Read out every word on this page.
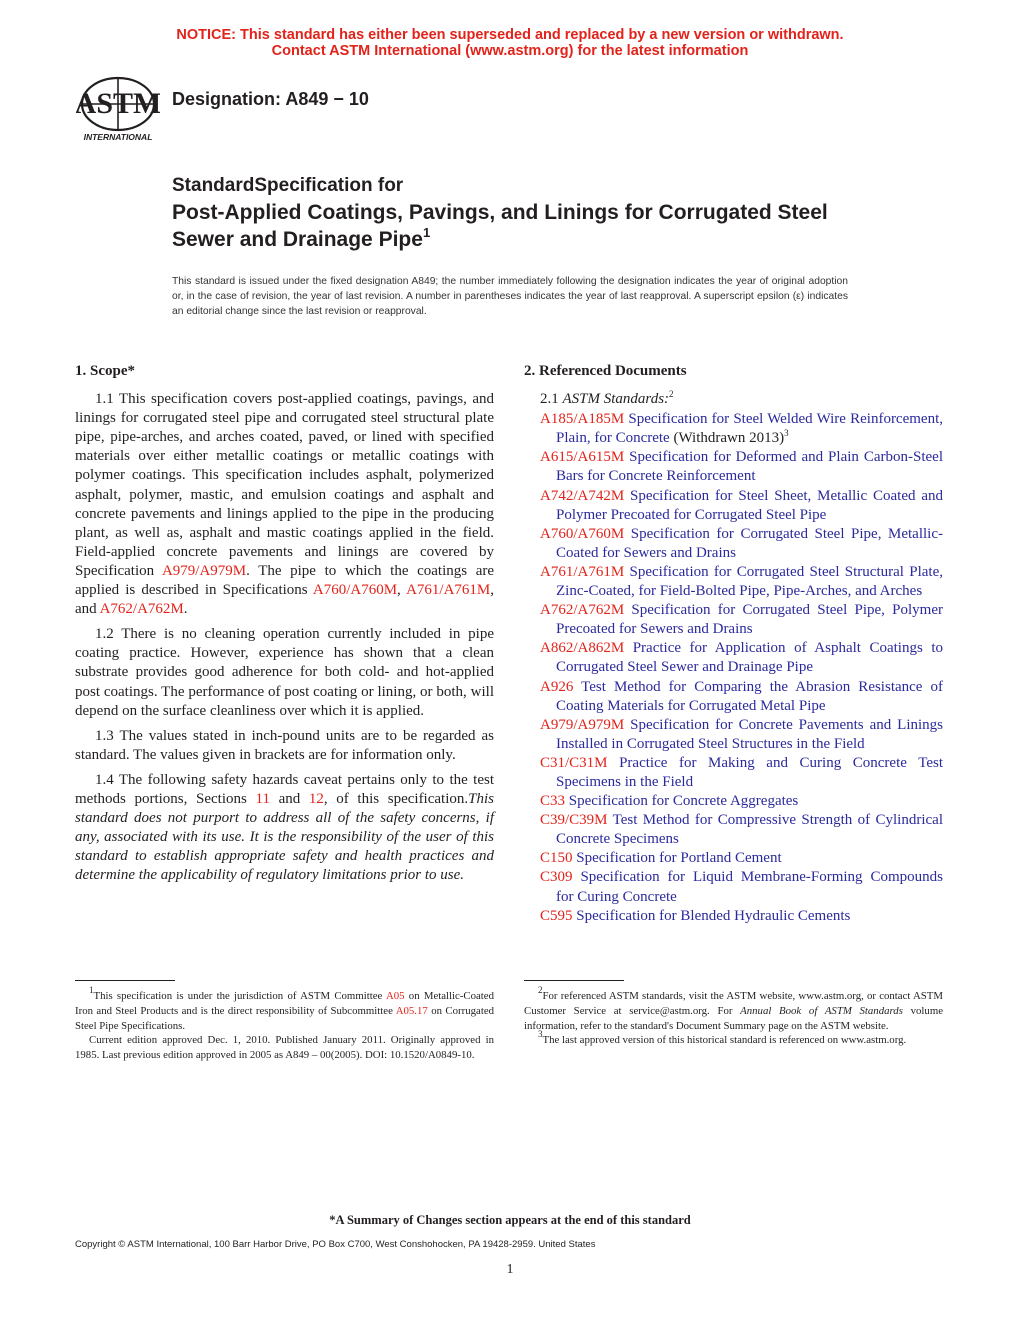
NOTICE: This standard has either been superseded and replaced by a new version or withdrawn.
Contact ASTM International (www.astm.org) for the latest information
ASTM
INTERNATIONAL
Designation: A849 − 10
StandardSpecification for
Post-Applied Coatings, Pavings, and Linings for Corrugated Steel Sewer and Drainage Pipe$^1$
This standard is issued under the fixed designation A849; the number immediately following the designation indicates the year of original adoption or, in the case of revision, the year of last revision. A number in parentheses indicates the year of last reapproval. A superscript epsilon (ε) indicates an editorial change since the last revision or reapproval.
1. Scope*

1.1 This specification covers post-applied coatings, pavings, and linings for corrugated steel pipe and corrugated steel structural plate pipe, pipe-arches, and arches coated, paved, or lined with specified materials over either metallic coatings or metallic coatings with polymer coatings. This specification includes asphalt, polymerized asphalt, polymer, mastic, and emulsion coatings and asphalt and concrete pavements and linings applied to the pipe in the producing plant, as well as, asphalt and mastic coatings applied in the field. Field-applied concrete pavements and linings are covered by Specification A979/A979M. The pipe to which the coatings are applied is described in Specifications A760/A760M, A761/A761M, and A762/A762M.

1.2 There is no cleaning operation currently included in pipe coating practice. However, experience has shown that a clean substrate provides good adherence for both cold- and hot-applied post coatings. The performance of post coating or lining, or both, will depend on the surface cleanliness over which it is applied.

1.3 The values stated in inch-pound units are to be regarded as standard. The values given in brackets are for information only.

1.4 The following safety hazards caveat pertains only to the test methods portions, Sections 11 and 12, of this specification.This standard does not purport to address all of the safety concerns, if any, associated with its use. It is the responsibility of the user of this standard to establish appropriate safety and health practices and determine the applicability of regulatory limitations prior to use.

2. Referenced Documents

2.1 ASTM Standards:$^2$

A185/A185M Specification for Steel Welded Wire Reinforcement, Plain, for Concrete (Withdrawn 2013)$^3$

A615/A615M Specification for Deformed and Plain Carbon-Steel Bars for Concrete Reinforcement

A742/A742M Specification for Steel Sheet, Metallic Coated and Polymer Precoated for Corrugated Steel Pipe

A760/A760M Specification for Corrugated Steel Pipe, Metallic-Coated for Sewers and Drains

A761/A761M Specification for Corrugated Steel Structural Plate, Zinc-Coated, for Field-Bolted Pipe, Pipe-Arches, and Arches

A762/A762M Specification for Corrugated Steel Pipe, Polymer Precoated for Sewers and Drains

A862/A862M Practice for Application of Asphalt Coatings to Corrugated Steel Sewer and Drainage Pipe

A926 Test Method for Comparing the Abrasion Resistance of Coating Materials for Corrugated Metal Pipe

A979/A979M Specification for Concrete Pavements and Linings Installed in Corrugated Steel Structures in the Field

C31/C31M Practice for Making and Curing Concrete Test Specimens in the Field

C33 Specification for Concrete Aggregates

C39/C39M Test Method for Compressive Strength of Cylindrical Concrete Specimens

C150 Specification for Portland Cement

C309 Specification for Liquid Membrane-Forming Compounds for Curing Concrete

C595 Specification for Blended Hydraulic Cements

$^1$This specification is under the jurisdiction of ASTM Committee A05 on Metallic-Coated Iron and Steel Products and is the direct responsibility of Subcommittee A05.17 on Corrugated Steel Pipe Specifications.

Current edition approved Dec. 1, 2010. Published January 2011. Originally approved in 1985. Last previous edition approved in 2005 as A849 – 00(2005). DOI: 10.1520/A0849-10.

$^2$For referenced ASTM standards, visit the ASTM website, www.astm.org, or contact ASTM Customer Service at service@astm.org. For Annual Book of ASTM Standards volume information, refer to the standard's Document Summary page on the ASTM website.

$^3$The last approved version of this historical standard is referenced on www.astm.org.

*A Summary of Changes section appears at the end of this standard
Copyright © ASTM International, 100 Barr Harbor Drive, PO Box C700, West Conshohocken, PA 19428-2959. United States
1
